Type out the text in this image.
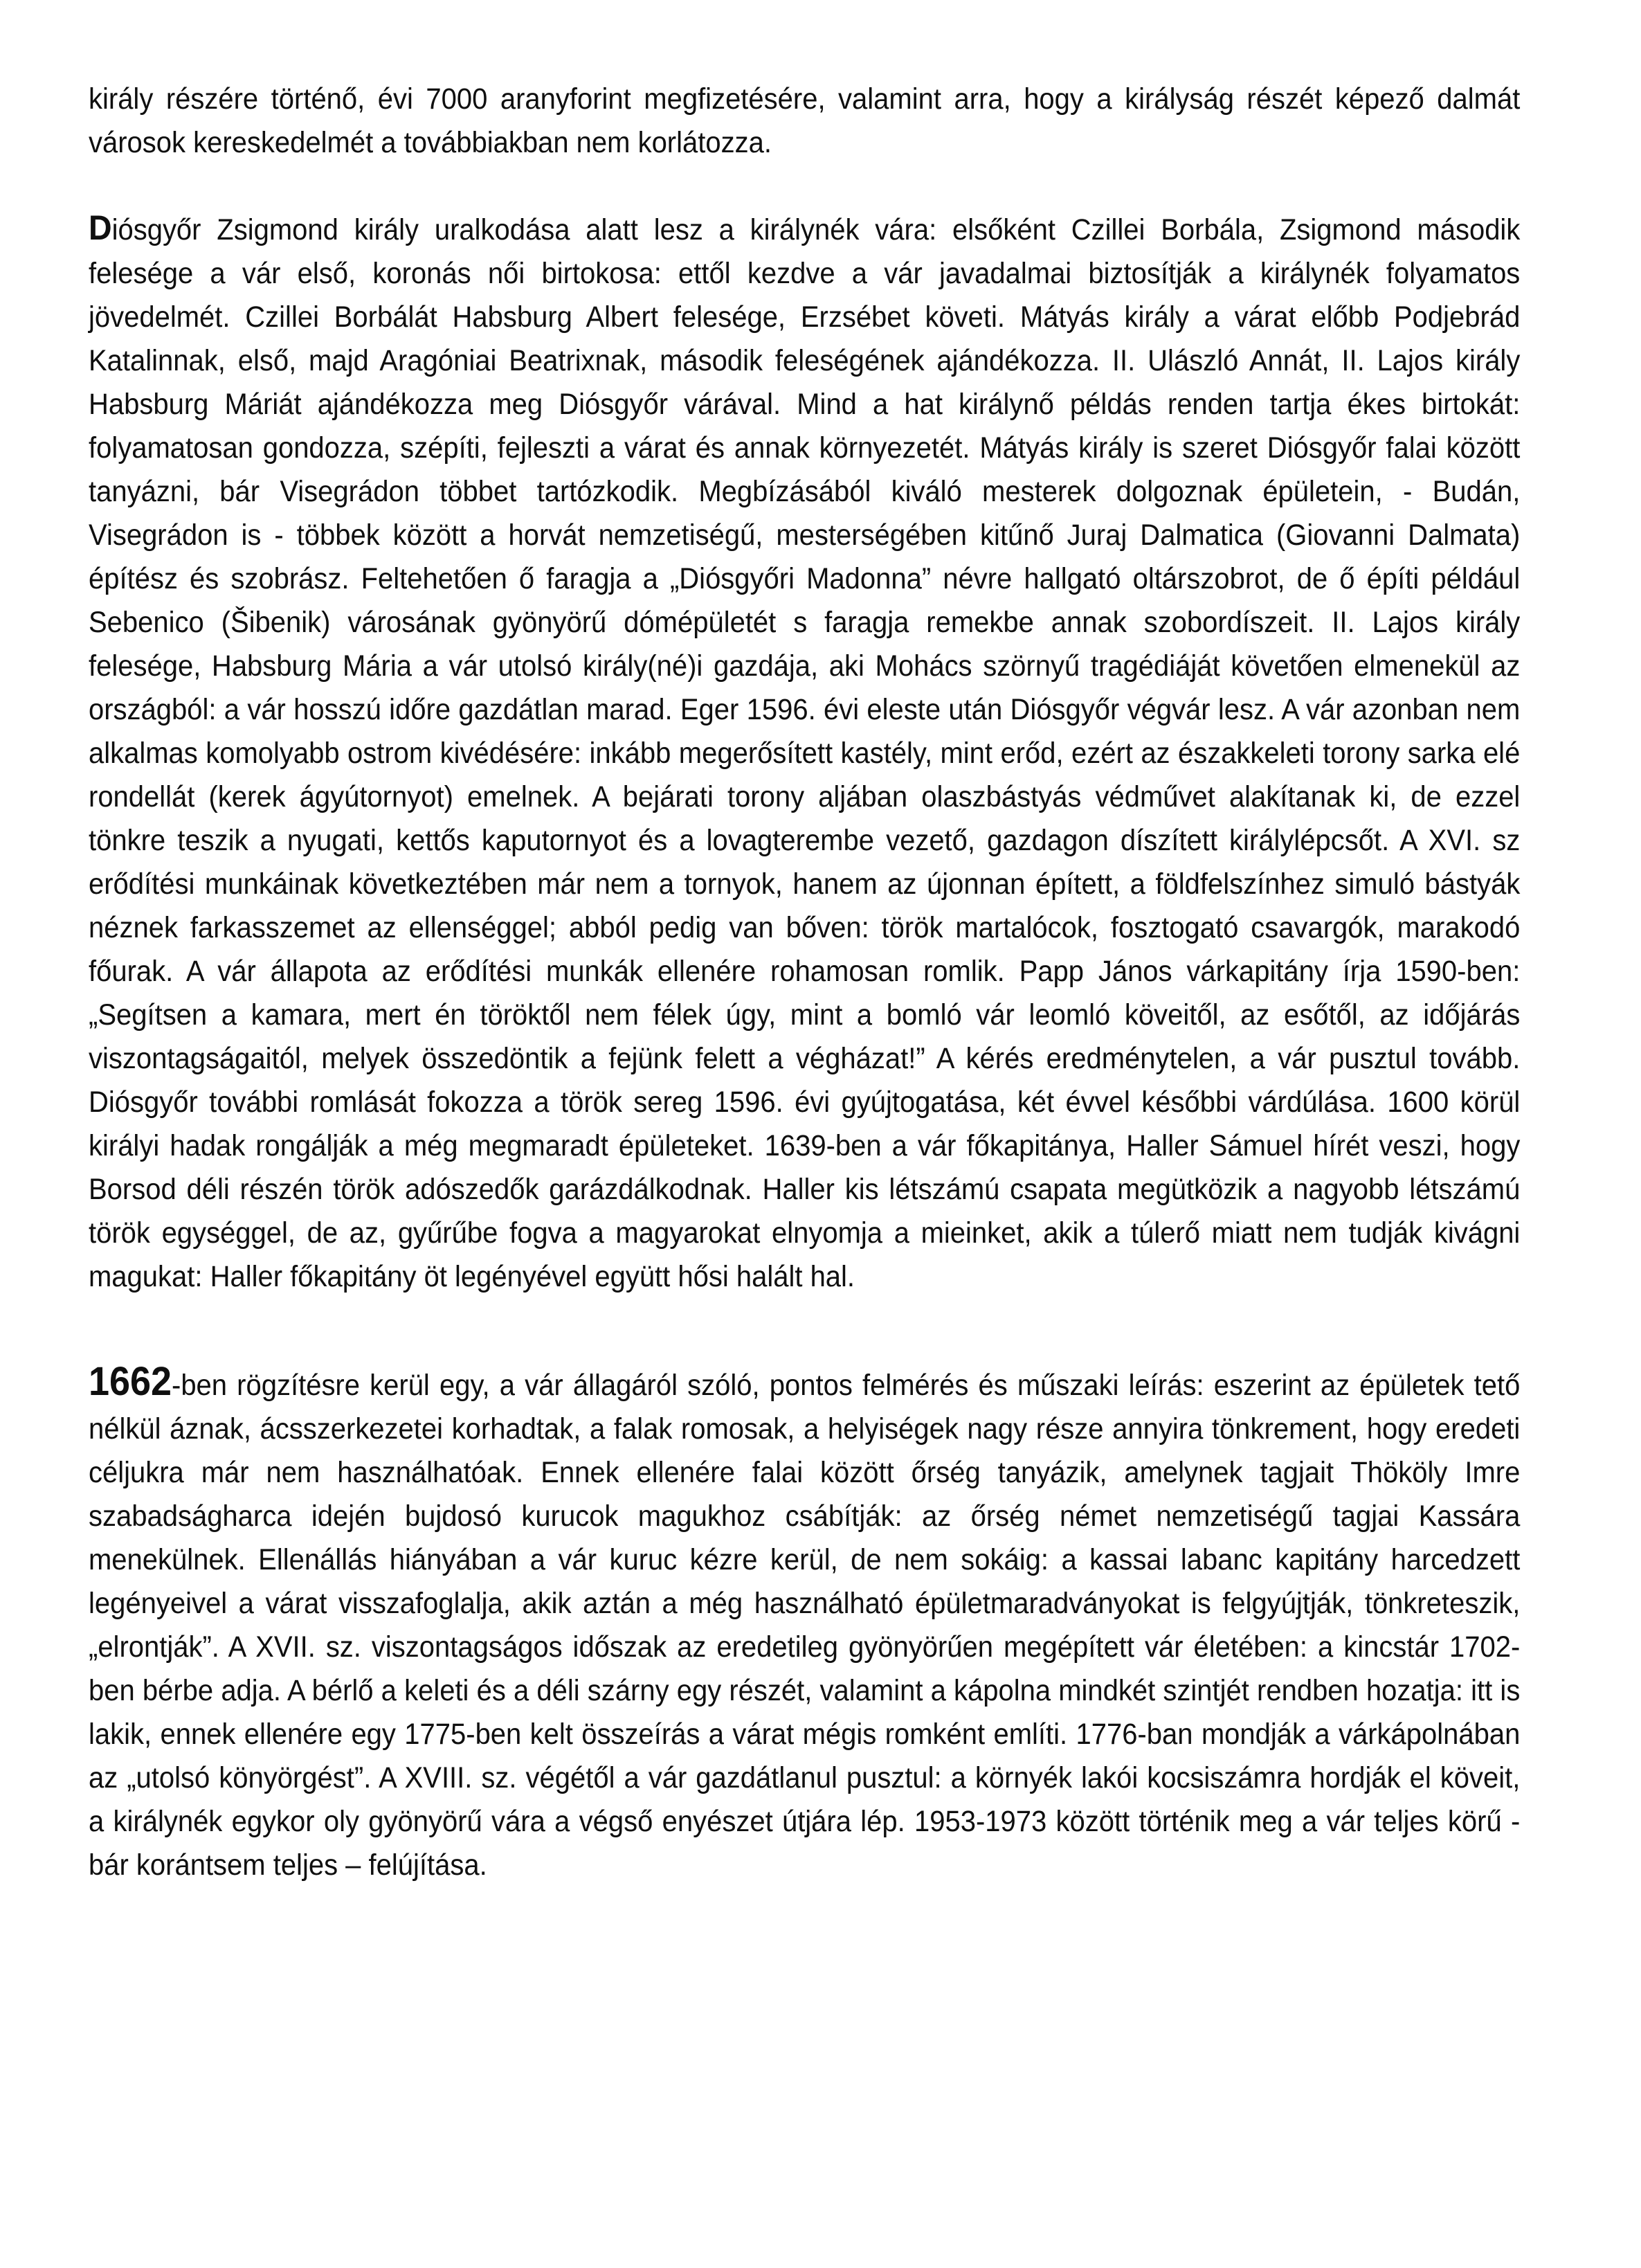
király részére történő, évi 7000 aranyforint megfizetésére, valamint arra, hogy a királyság részét képező dalmát városok kereskedelmét a továbbiakban nem korlátozza.

Diósgyőr Zsigmond király uralkodása alatt lesz a királynék vára: elsőként Czillei Borbála, Zsigmond második felesége a vár első, koronás női birtokosa: ettől kezdve a vár javadalmai biztosítják a királynék folyamatos jövedelmét. Czillei Borbálát Habsburg Albert felesége, Erzsébet követi. Mátyás király a várat előbb Podjebrád Katalinnak, első, majd Aragóniai Beatrixnak, második feleségének ajándékozza. II. Ulászló Annát, II. Lajos király Habsburg Máriát ajándékozza meg Diósgyőr várával. Mind a hat királynő példás renden tartja ékes birtokát: folyamatosan gondozza, szépíti, fejleszti a várat és annak környezetét. Mátyás király is szeret Diósgyőr falai között tanyázni, bár Visegrádon többet tartózkodik. Megbízásából kiváló mesterek dolgoznak épületein, - Budán, Visegrádon is - többek között a horvát nemzetiségű, mesterségében kitűnő Juraj Dalmatica (Giovanni Dalmata) építész és szobrász. Feltehetően ő faragja a „Diósgyőri Madonna” névre hallgató oltárszobrot, de ő építi például Sebenico (Šibenik) városának gyönyörű dómépületét s faragja remekbe annak szobordíszeit. II. Lajos király felesége, Habsburg Mária a vár utolsó király(né)i gazdája, aki Mohács szörnyű tragédiáját követően elmenekül az országból: a vár hosszú időre gazdátlan marad. Eger 1596. évi eleste után Diósgyőr végvár lesz. A vár azonban nem alkalmas komolyabb ostrom kivédésére: inkább megerősített kastély, mint erőd, ezért az északkeleti torony sarka elé rondellát (kerek ágyútornyot) emelnek. A bejárati torony aljában olaszbástyás védművet alakítanak ki, de ezzel tönkre teszik a nyugati, kettős kaputornyot és a lovagterembe vezető, gazdagon díszített királylépcsőt. A XVI. sz erődítési munkáinak következtében már nem a tornyok, hanem az újonnan épített, a földfelszínhez simuló bástyák néznek farkasszemet az ellenséggel; abból pedig van bőven: török martalócok, fosztogató csavargók, marakodó főurak. A vár állapota az erődítési munkák ellenére rohamosan romlik. Papp János várkapitány írja 1590-ben: „Segítsen a kamara, mert én töröktől nem félek úgy, mint a bomló vár leomló köveitől, az esőtől, az időjárás viszontagságaitól, melyek összedöntik a fejünk felett a végházat!” A kérés eredménytelen, a vár pusztul tovább. Diósgyőr további romlását fokozza a török sereg 1596. évi gyújtogatása, két évvel későbbi várdúlása. 1600 körül királyi hadak rongálják a még megmaradt épületeket. 1639-ben a vár főkapitánya, Haller Sámuel hírét veszi, hogy Borsod déli részén török adószedők garázdálkodnak. Haller kis létszámú csapata megütközik a nagyobb létszámú török egységgel, de az, gyűrűbe fogva a magyarokat elnyomja a mieinket, akik a túlerő miatt nem tudják kivágni magukat: Haller főkapitány öt legényével együtt hősi halált hal.

1662-ben rögzítésre kerül egy, a vár állagáról szóló, pontos felmérés és műszaki leírás: eszerint az épületek tető nélkül áznak, ácsszerkezetei korhadtak, a falak romosak, a helyiségek nagy része annyira tönkrement, hogy eredeti céljukra már nem használhatóak. Ennek ellenére falai között őrség tanyázik, amelynek tagjait Thököly Imre szabadságharca idején bujdosó kurucok magukhoz csábítják: az őrség német nemzetiségű tagjai Kassára menekülnek. Ellenállás hiányában a vár kuruc kézre kerül, de nem sokáig: a kassai labanc kapitány harcedzett legényeivel a várat visszafoglalja, akik aztán a még használható épületmaradványokat is felgyújtják, tönkreteszik, „elrontják”. A XVII. sz. viszontagságos időszak az eredetileg gyönyörűen megépített vár életében: a kincstár 1702-ben bérbe adja. A bérlő a keleti és a déli szárny egy részét, valamint a kápolna mindkét szintjét rendben hozatja: itt is lakik, ennek ellenére egy 1775-ben kelt összeírás a várat mégis romként említi. 1776-ban mondják a várkápolnában az „utolsó könyörgést”. A XVIII. sz. végétől a vár gazdátlanul pusztul: a környék lakói kocsiszámra hordják el köveit, a királynék egykor oly gyönyörű vára a végső enyészet útjára lép. 1953-1973 között történik meg a vár teljes körű - bár korántsem teljes – felújítása.
